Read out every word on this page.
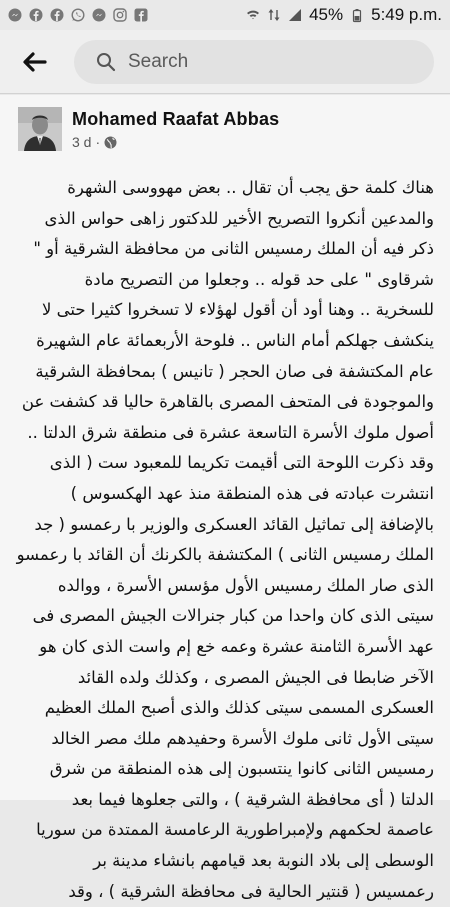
45% 5:49 p.m.
Search
Mohamed Raafat Abbas
3 d ·
هناك كلمة حق يجب أن تقال .. بعض مهووسى الشهرة
والمدعين أنكروا التصريح الأخير للدكتور زاهى حواس الذى
ذكر فيه أن الملك رمسيس الثانى من محافظة الشرقية أو "
شرقاوى " على حد قوله .. وجعلوا من التصريح مادة
للسخرية .. وهنا أود أن أقول لهؤلاء لا تسخروا كثيرا حتى لا
ينكشف جهلكم أمام الناس .. فلوحة الأربعمائة عام الشهيرة
عام المكتشفة فى صان الحجر ( تانيس ) بمحافظة الشرقية
والموجودة فى المتحف المصرى بالقاهرة حاليا قد كشفت عن
أصول ملوك الأسرة التاسعة عشرة فى منطقة شرق الدلتا ..
وقد ذكرت اللوحة التى أقيمت تكريما للمعبود ست ( الذى
انتشرت عبادته فى هذه المنطقة منذ عهد الهكسوس )
بالإضافة إلى تماثيل القائد العسكرى والوزير با رعمسو ( جد
الملك رمسيس الثانى ) المكتشفة بالكرنك أن القائد با رعمسو
الذى صار الملك رمسيس الأول مؤسس الأسرة ، ووالده
سيتى الذى كان واحدا من كبار جنرالات الجيش المصرى فى
عهد الأسرة الثامنة عشرة وعمه خع إم واست الذى كان هو
الآخر ضابطا فى الجيش المصرى ، وكذلك ولده القائد
العسكرى المسمى سيتى كذلك والذى أصبح الملك العظيم
سيتى الأول ثانى ملوك الأسرة وحفيدهم ملك مصر الخالد
رمسيس الثانى كانوا ينتسبون إلى هذه المنطقة من شرق
الدلتا ( أى محافظة الشرقية ) ، والتى جعلوها فيما بعد
عاصمة لحكمهم ولإمبراطورية الرعامسة الممتدة من سوريا
الوسطى إلى بلاد النوبة بعد قيامهم بانشاء مدينة بر
رعمسيس ( قنتير الحالية فى محافظة الشرقية ) ، وقد
